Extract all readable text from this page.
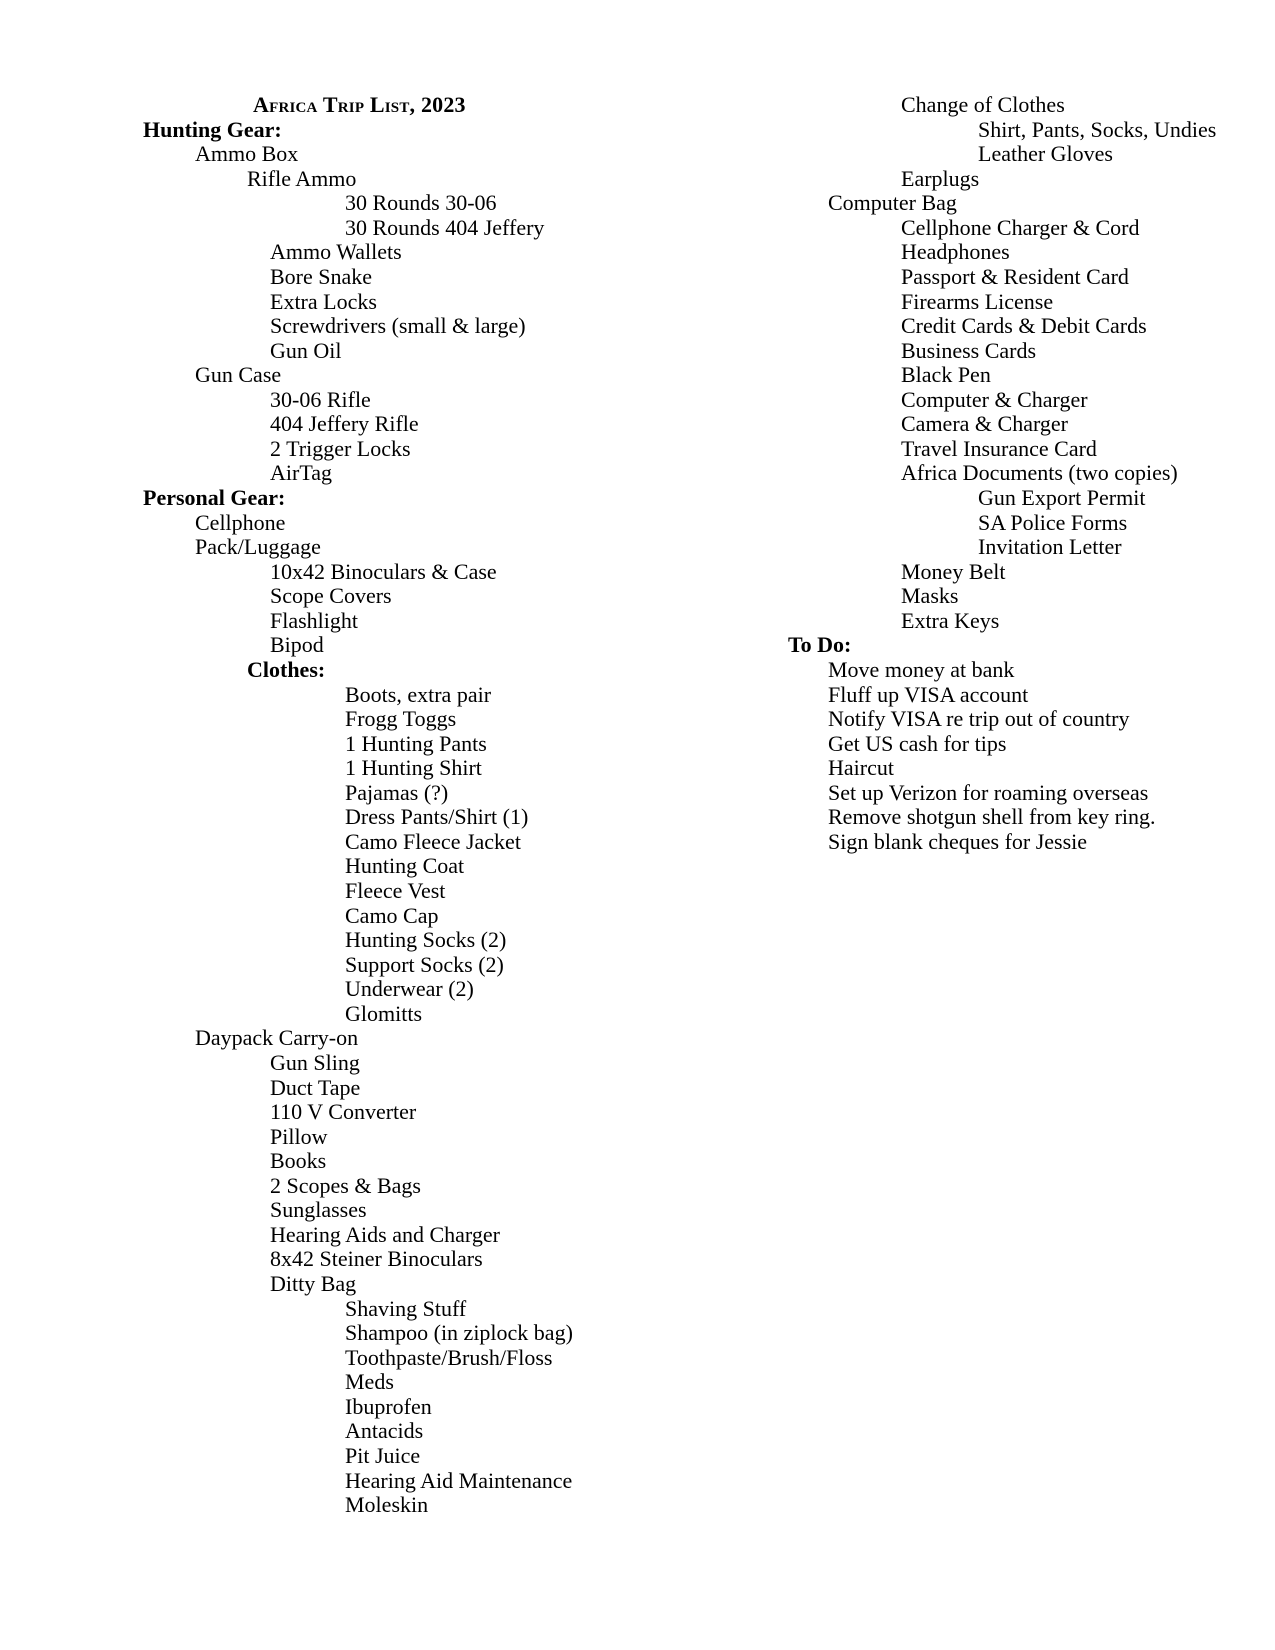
Africa Trip List, 2023
Hunting Gear:
Ammo Box
Rifle Ammo
30 Rounds 30-06
30 Rounds 404 Jeffery
Ammo Wallets
Bore Snake
Extra Locks
Screwdrivers (small & large)
Gun Oil
Gun Case
30-06 Rifle
404 Jeffery Rifle
2 Trigger Locks
AirTag
Personal Gear:
Cellphone
Pack/Luggage
10x42 Binoculars & Case
Scope Covers
Flashlight
Bipod
Clothes:
Boots, extra pair
Frogg Toggs
1 Hunting Pants
1 Hunting Shirt
Pajamas (?)
Dress Pants/Shirt (1)
Camo Fleece Jacket
Hunting Coat
Fleece Vest
Camo Cap
Hunting Socks (2)
Support Socks (2)
Underwear (2)
Glomitts
Daypack Carry-on
Gun Sling
Duct Tape
110 V Converter
Pillow
Books
2 Scopes & Bags
Sunglasses
Hearing Aids and Charger
8x42 Steiner Binoculars
Ditty Bag
Shaving Stuff
Shampoo (in ziplock bag)
Toothpaste/Brush/Floss
Meds
Ibuprofen
Antacids
Pit Juice
Hearing Aid Maintenance
Moleskin
Change of Clothes
Shirt, Pants, Socks, Undies
Leather Gloves
Earplugs
Computer Bag
Cellphone Charger & Cord
Headphones
Passport & Resident Card
Firearms License
Credit Cards & Debit Cards
Business Cards
Black Pen
Computer & Charger
Camera & Charger
Travel Insurance Card
Africa Documents (two copies)
Gun Export Permit
SA Police Forms
Invitation Letter
Money Belt
Masks
Extra Keys
To Do:
Move money at bank
Fluff up VISA account
Notify VISA re trip out of country
Get US cash for tips
Haircut
Set up Verizon for roaming overseas
Remove shotgun shell from key ring.
Sign blank cheques for Jessie
